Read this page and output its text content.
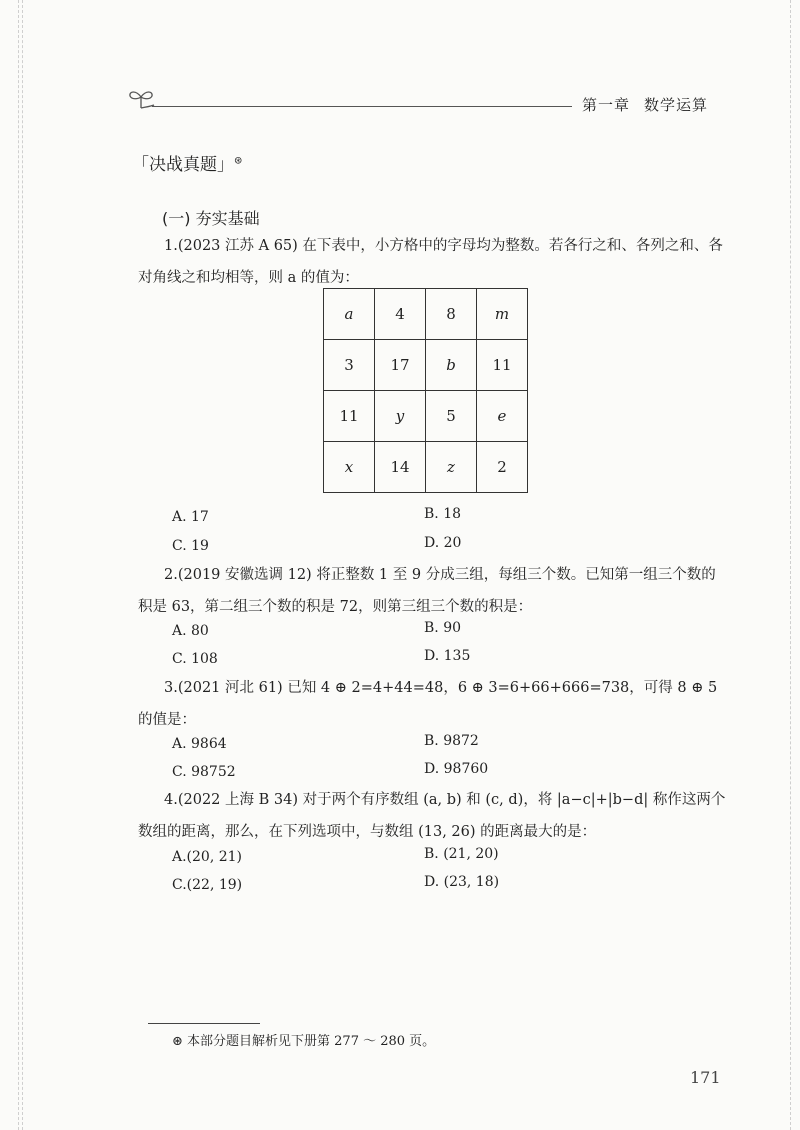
第一章 数学运算
「决战真题」⊛
(一) 夯实基础
1.(2023 江苏 A 65) 在下表中，小方格中的字母均为整数。若各行之和、各列之和、各对角线之和均相等，则 a 的值为：
a	4	8	m
3	17	b	11
11	y	5	e
x	14	z	2
A. 17	B. 18
C. 19	D. 20
2.(2019 安徽选调 12) 将正整数 1 至 9 分成三组，每组三个数。已知第一组三个数的积是 63，第二组三个数的积是 72，则第三组三个数的积是：
A. 80	B. 90
C. 108	D. 135
3.(2021 河北 61) 已知 4 ⊕ 2=4+44=48，6 ⊕ 3=6+66+666=738，可得 8 ⊕ 5 的值是：
A. 9864	B. 9872
C. 98752	D. 98760
4.(2022 上海 B 34) 对于两个有序数组 (a, b) 和 (c, d)，将 |a−c|+|b−d| 称作这两个数组的距离，那么，在下列选项中，与数组 (13, 26) 的距离最大的是：
A.(20, 21)	B. (21, 20)
C.(22, 19)	D. (23, 18)
⊛ 本部分题目解析见下册第 277 ～ 280 页。
171
